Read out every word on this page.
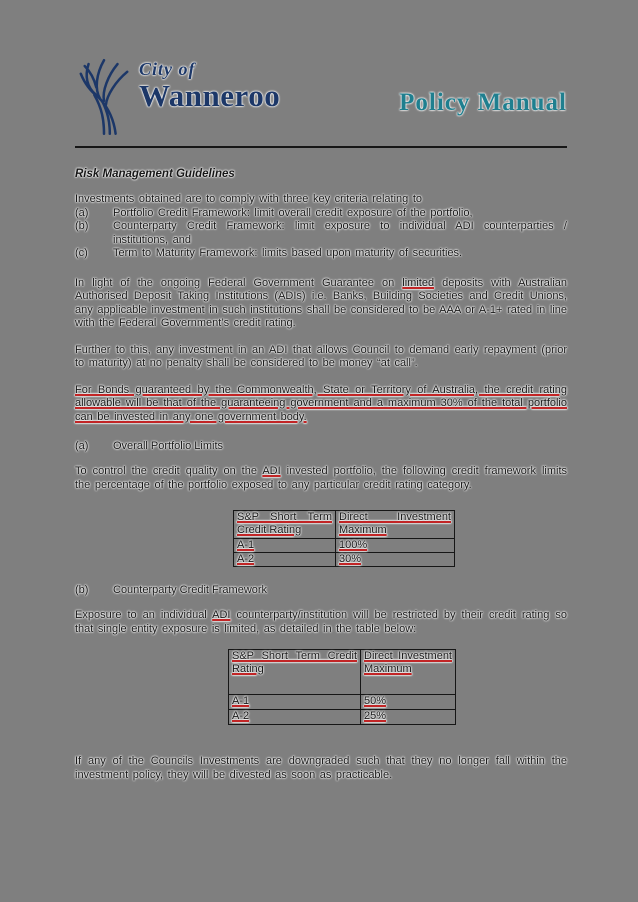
City of
Wanneroo	Policy Manual
Risk Management Guidelines
Investments obtained are to comply with three key criteria relating to
(a)	Portfolio Credit Framework: limit overall credit exposure of the portfolio,
(b)	Counterparty Credit Framework: limit exposure to individual ADI counterparties / institutions, and
(c)	Term to Maturity Framework: limits based upon maturity of securities.
In light of the ongoing Federal Government Guarantee on limited deposits with Australian Authorised Deposit Taking Institutions (ADIs) i.e. Banks, Building Societies and Credit Unions, any applicable investment in such institutions shall be considered to be AAA or A-1+ rated in line with the Federal Government’s credit rating.
Further to this, any investment in an ADI that allows Council to demand early repayment (prior to maturity) at no penalty shall be considered to be money “at call”.
For Bonds guaranteed by the Commonwealth, State or Territory of Australia, the credit rating allowable will be that of the guaranteeing government and a maximum 30% of the total portfolio can be invested in any one government body.
(a)	Overall Portfolio Limits
To control the credit quality on the ADI invested portfolio, the following credit framework limits the percentage of the portfolio exposed to any particular credit rating category.
S&P Short Term Credit Rating	Direct Investment Maximum
A-1	100%
A-2	30%
(b)	Counterparty Credit Framework
Exposure to an individual ADI counterparty/institution will be restricted by their credit rating so that single entity exposure is limited, as detailed in the table below:
S&P Short Term Credit Rating	Direct Investment Maximum
A-1	50%
A-2	25%
If any of the Councils Investments are downgraded such that they no longer fall within the investment policy, they will be divested as soon as practicable.
